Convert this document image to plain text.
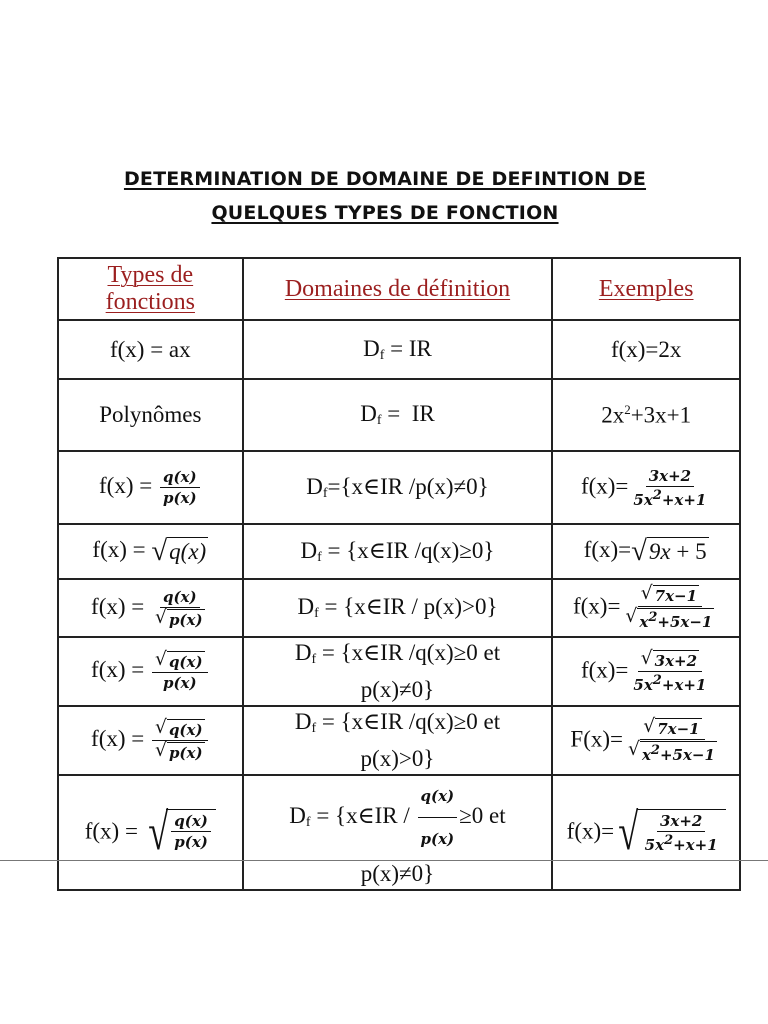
DETERMINATION DE DOMAINE DE DEFINTION DE
QUELQUES TYPES DE FONCTION
Types de fonctions	Domaines de définition	Exemples
f(x) = ax	$D_f$ = IR	f(x)=2x
Polynômes	$D_f$ =  IR	$2x^2+3x+1$
$f(x) = \frac{q(x)}{p(x)}$	$D_f=\{x\in IR$ /p(x)≠0}	$f(x)= \frac{3x+2}{5x^2+x+1}$

f(x) = √ q(x)	$D_f$ = {x∈IR /q(x)≥0}	f(x)= √ 9x + 5

$f(x) = \frac{q(x)}{√ p(x)}$	$D_f$ = {x∈IR / p(x)>0}	$f(x)= \frac{√ 7x-1}{√ x^2+5x-1}$

$f(x) = \frac{√ q(x)}{p(x)}$	$D_f$ = {x∈IR /q(x)≥0 et
p(x)≠0}	$f(x)= \frac{√ 3x+2}{5x^2+x+1}$

$f(x) = \frac{√ q(x)}{√ p(x)}$	$D_f$ = {x∈IR /q(x)≥0 et
p(x)>0}	$F(x)= \frac{√ 7x-1}{√ x^2+5x-1}$

f(x) = √ $\frac{q(x)}{p(x)}$	$D_f$ = {x∈IR / $\frac{q(x)}{p(x)} \ge 0$ et
p(x)≠0}	f(x)= √ $\frac{3x+2}{5x^2+x+1}$
